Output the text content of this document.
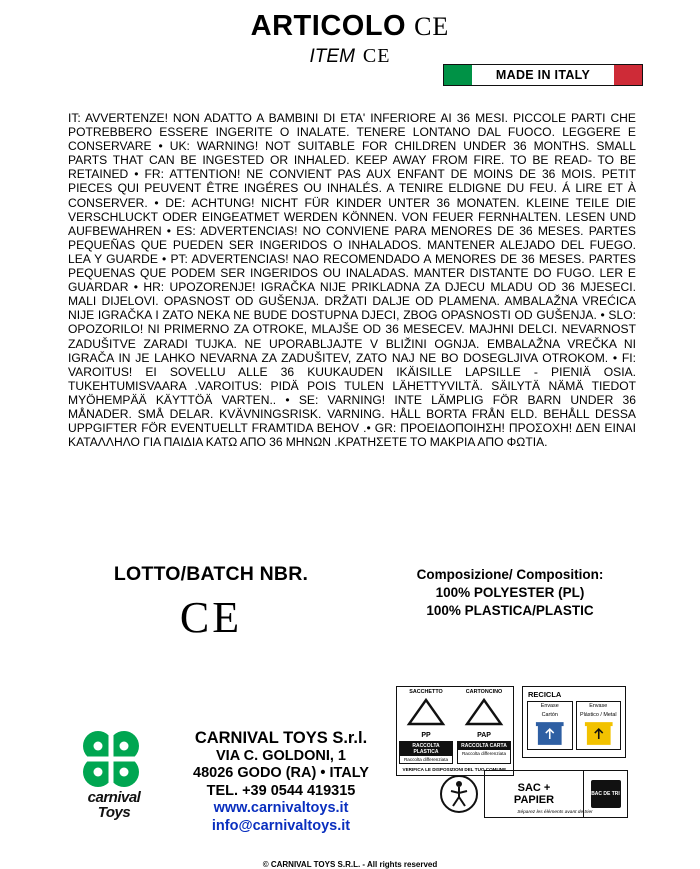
ARTICOLO CE
ITEM CE
MADE IN ITALY
IT: AVVERTENZE! NON ADATTO A BAMBINI DI ETA' INFERIORE AI 36 MESI. PICCOLE PARTI CHE POTREBBERO ESSERE INGERITE O INALATE. TENERE LONTANO DAL FUOCO. LEGGERE E CONSERVARE • UK: WARNING! NOT SUITABLE FOR CHILDREN UNDER 36 MONTHS. SMALL PARTS THAT CAN BE INGESTED OR INHALED. KEEP AWAY FROM FIRE. TO BE READ- TO BE RETAINED • FR: ATTENTION! NE CONVIENT PAS AUX ENFANT DE MOINS DE 36 MOIS. PETIT PIECES QUI PEUVENT ÊTRE INGÉRES OU INHALÉS. A TENIRE ELDIGNE DU FEU. Á LIRE ET À CONSERVER. • DE: ACHTUNG! NICHT FÜR KINDER UNTER 36 MONATEN. KLEINE TEILE DIE VERSCHLUCKT ODER EINGEATMET WERDEN KÖNNEN. VON FEUER FERNHALTEN. LESEN UND AUFBEWAHREN • ES: ADVERTENCIAS! NO CONVIENE PARA MENORES DE 36 MESES. PARTES PEQUEÑAS QUE PUEDEN SER INGERIDOS O INHALADOS. MANTENER ALEJADO DEL FUEGO. LEA Y GUARDE • PT: ADVERTENCIAS! NAO RECOMENDADO A MENORES DE 36 MESES. PARTES PEQUENAS QUE PODEM SER INGERIDOS OU INALADAS. MANTER DISTANTE DO FUGO. LER E GUARDAR • HR: UPOZORENJE! IGRAČKA NIJE PRIKLADNA ZA DJECU MLADU OD 36 MJESECI. MALI DIJELOVI. OPASNOST OD GUŠENJA. DRŽATI DALJE OD PLAMENA. AMBALAŽNA VREĆICA NIJE IGRAČKA I ZATO NEKA NE BUDE DOSTUPNA DJECI, ZBOG OPASNOSTI OD GUŠENJA. • SLO: OPOZORILO! NI PRIMERNO ZA OTROKE, MLAJŠE OD 36 MESECEV. MAJHNI DELCI. NEVARNOST ZADUŠITVE ZARADI TUJKA. NE UPORABLJAJTE V BLIŽINI OGNJA. EMBALAŽNA VREČKA NI IGRAČA IN JE LAHKO NEVARNA ZA ZADUŠITEV, ZATO NAJ NE BO DOSEGLJIVA OTROKOM. • FI: VAROITUS! EI SOVELLU ALLE 36 KUUKAUDEN IKÄISILLE LAPSILLE - PIENIÄ OSIA. TUKEHTUMISVAARA .VAROITUS: PIDÄ POIS TULEN LÄHETTYVILTÄ. SÄILYTÄ NÄMÄ TIEDOT MYÖHEMPÄÄ KÄYTTÖÄ VARTEN.. • SE: VARNING! INTE LÄMPLIG FÖR BARN UNDER 36 MÅNADER. SMÅ DELAR. KVÄVNINGSRISK. VARNING. HÅLL BORTA FRÅN ELD. BEHÅLL DESSA UPPGIFTER FÖR EVENTUELLT FRAMTIDA BEHOV .• GR: ΠΡΟΕΙΔΟΠΟΙΗΣΗ! ΠΡΟΣΟΧΗ! ΔΕΝ ΕΙΝΑΙ ΚΑΤΑΛΛΗΛΟ ΓΙΑ ΠΑΙΔΙΑ ΚΑΤΩ ΑΠΟ 36 ΜΗΝΩΝ .ΚΡΑΤΗΣΕΤΕ ΤΟ ΜΑΚΡΙΑ ΑΠΟ ΦΩΤΙΑ.
LOTTO/BATCH NBR.
CE
Composizione/ Composition:
100% POLYESTER (PL)
100% PLASTICA/PLASTIC
SACCHETTO	CARTONCINO
PP	PAP
RACCOLTA PLASTICA
Raccolta differenziata
RACCOLTA CARTA
Raccolta differenziata
VERIFICA LE DISPOSIZIONI DEL TUO COMUNE.
RECICLA
Envase
Cartón
Envase
Plástico / Metal
SAC +
PAPIER	BAC DE TRI
Séparez les éléments avant de trier
carnival
Toys
CARNIVAL TOYS S.r.l.
VIA C. GOLDONI, 1
48026 GODO (RA) • ITALY
TEL. +39 0544 419315
www.carnivaltoys.it
info@carnivaltoys.it
© CARNIVAL TOYS S.R.L. - All rights reserved
